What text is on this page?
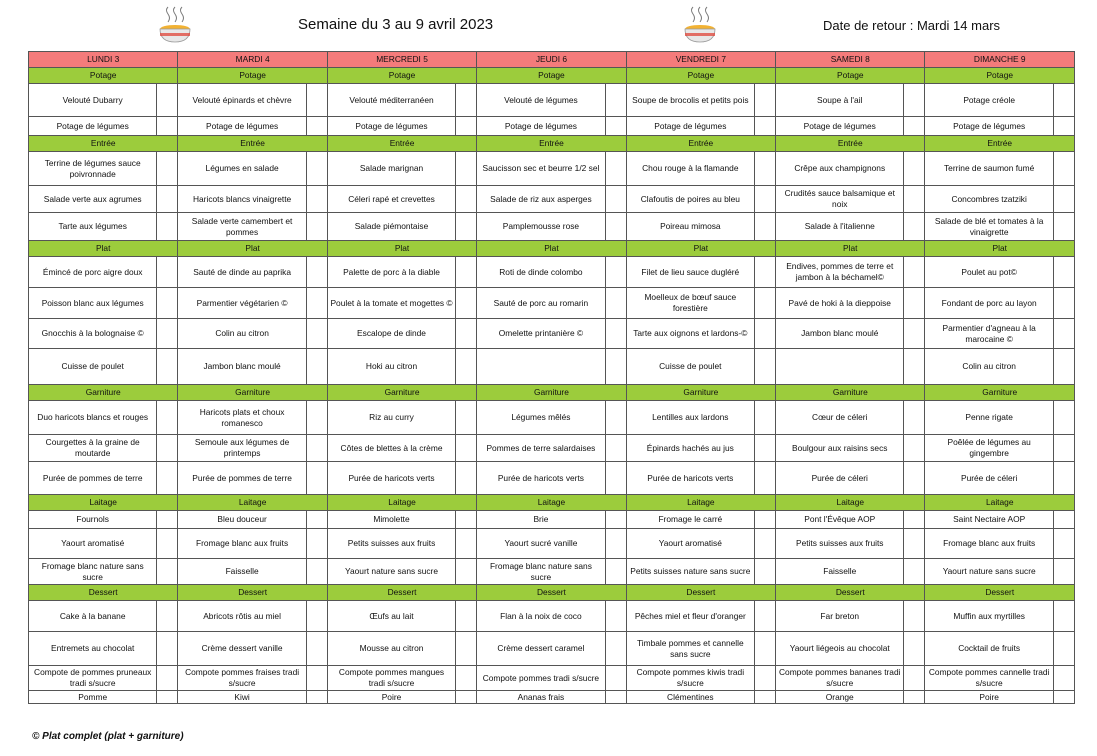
Semaine du 3 au 9 avril 2023	Date de retour : Mardi 14 mars
LUNDI 3		MARDI 4		MERCREDI 5		JEUDI 6		VENDREDI 7		SAMEDI 8		DIMANCHE 9	
Potage		Potage		Potage		Potage		Potage		Potage		Potage	
Velouté Dubarry		Velouté épinards et chèvre		Velouté méditerranéen		Velouté de légumes		Soupe de brocolis et petits pois		Soupe à l'ail		Potage créole	
Potage de légumes		Potage de légumes		Potage de légumes		Potage de légumes		Potage de légumes		Potage de légumes		Potage de légumes	
Entrée		Entrée		Entrée		Entrée		Entrée		Entrée		Entrée	
Terrine de légumes sauce poivronnade		Légumes en salade		Salade marignan		Saucisson sec et beurre 1/2 sel		Chou rouge à la flamande		Crêpe aux champignons		Terrine de saumon fumé	
Salade verte aux agrumes		Haricots blancs vinaigrette		Céleri rapé et crevettes		Salade de riz aux asperges		Clafoutis de poires au bleu		Crudités sauce balsamique et noix		Concombres tzatziki	
Tarte aux légumes		Salade verte camembert et pommes		Salade piémontaise		Pamplemousse rose		Poireau mimosa		Salade à l'italienne		Salade de blé et tomates à la vinaigrette	
Plat		Plat		Plat		Plat		Plat		Plat		Plat	
Émincé de porc aigre doux		Sauté de dinde au paprika		Palette de porc à la diable		Roti de dinde colombo		Filet de lieu sauce dugléré		Endives, pommes de terre et jambon à la béchamel©		Poulet au pot©	
Poisson blanc aux légumes		Parmentier végétarien ©		Poulet à la tomate et mogettes ©		Sauté de porc au romarin		Moelleux de bœuf sauce forestière		Pavé de hoki à la dieppoise		Fondant de porc au layon	
Gnocchis à la bolognaise ©		Colin au citron		Escalope de dinde		Omelette printanière ©		Tarte aux oignons et lardons-©		Jambon blanc moulé		Parmentier d'agneau à la marocaine ©	
Cuisse de poulet		Jambon blanc moulé		Hoki au citron				Cuisse de poulet				Colin au citron	
Garniture		Garniture		Garniture		Garniture		Garniture		Garniture		Garniture	
Duo haricots blancs et rouges		Haricots plats et choux romanesco		Riz au curry		Légumes mêlés		Lentilles aux lardons		Cœur de céleri		Penne rigate	
Courgettes à la graine de moutarde		Semoule aux légumes de printemps		Côtes de blettes à la crème		Pommes de terre salardaises		Épinards hachés au jus		Boulgour aux raisins secs		Poêlée de légumes au gingembre	
Purée de pommes de terre		Purée de pommes de terre		Purée de haricots verts		Purée de haricots verts		Purée de haricots verts		Purée de céleri		Purée de céleri	
Laitage		Laitage		Laitage		Laitage		Laitage		Laitage		Laitage	
Fournols		Bleu douceur		Mimolette		Brie		Fromage le carré		Pont l'Évêque AOP		Saint Nectaire AOP	
Yaourt aromatisé		Fromage blanc aux fruits		Petits suisses aux fruits		Yaourt sucré vanille		Yaourt aromatisé		Petits suisses aux fruits		Fromage blanc aux fruits	
Fromage blanc nature sans sucre		Faisselle		Yaourt nature sans sucre		Fromage blanc nature sans sucre		Petits suisses nature sans sucre		Faisselle		Yaourt nature sans sucre	
Dessert		Dessert		Dessert		Dessert		Dessert		Dessert		Dessert	
Cake à la banane		Abricots rôtis au miel		Œufs au lait		Flan à la noix de coco		Pêches miel et fleur d'oranger		Far breton		Muffin aux myrtilles	
Entremets au chocolat		Crème dessert vanille		Mousse au citron		Crème dessert caramel		Timbale pommes et cannelle sans sucre		Yaourt liégeois au chocolat		Cocktail de fruits	
Compote de pommes pruneaux tradi s/sucre		Compote pommes fraises tradi s/sucre		Compote pommes mangues tradi s/sucre		Compote pommes tradi s/sucre		Compote pommes kiwis tradi s/sucre		Compote pommes bananes tradi s/sucre		Compote pommes cannelle tradi s/sucre	
Pomme		Kiwi		Poire		Ananas frais		Clémentines		Orange		Poire	
© Plat complet (plat + garniture)
